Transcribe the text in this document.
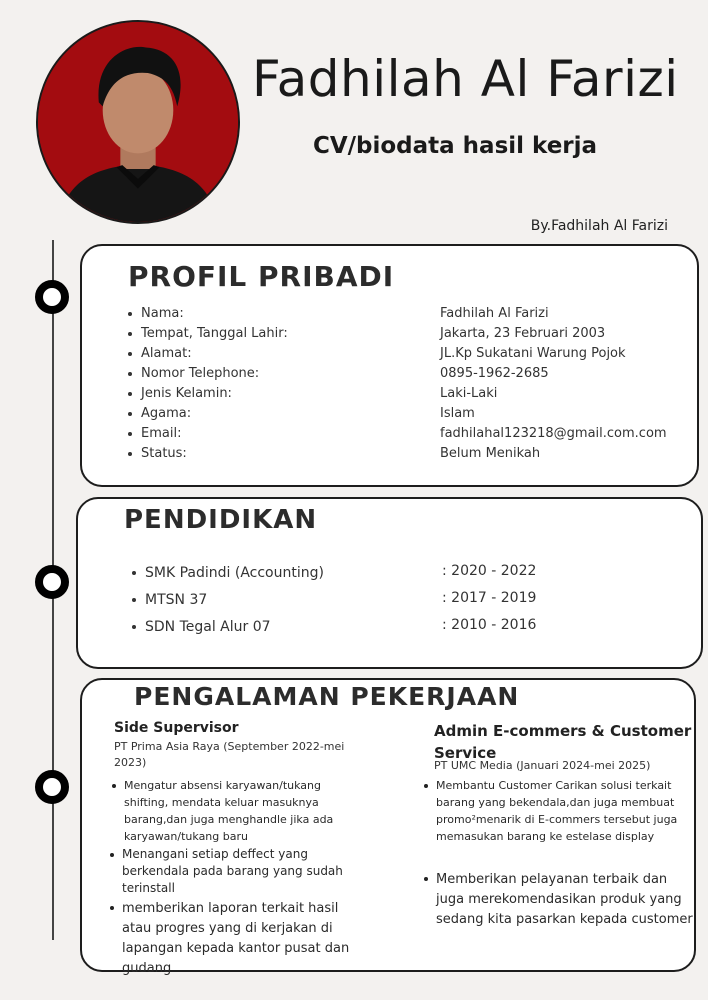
Fadhilah Al Farizi
CV/biodata hasil kerja
By.Fadhilah Al Farizi
PROFIL PRIBADI
Nama:	Fadhilah Al Farizi
Tempat, Tanggal Lahir:	Jakarta, 23 Februari 2003
Alamat:	JL.Kp Sukatani Warung Pojok
Nomor Telephone:	0895-1962-2685
Jenis Kelamin:	Laki-Laki
Agama:	Islam
Email:	fadhilahal123218@gmail.com.com
Status:	Belum Menikah
PENDIDIKAN
SMK Padindi (Accounting)	: 2020 - 2022
MTSN 37	: 2017 - 2019
SDN Tegal Alur 07	: 2010 - 2016
PENGALAMAN PEKERJAAN
Side Supervisor
PT Prima Asia Raya (September 2022-mei 2023)
Mengatur absensi karyawan/tukang shifting, mendata keluar masuknya barang,dan juga menghandle jika ada karyawan/tukang baru
Menangani setiap deffect yang berkendala pada barang yang sudah terinstall
memberikan laporan terkait hasil atau progres yang di kerjakan di lapangan kepada kantor pusat dan gudang
Admin E-commers & Customer Service
PT UMC Media (Januari 2024-mei 2025)
Membantu Customer Carikan solusi terkait barang yang bekendala,dan juga membuat promo²menarik di E-commers tersebut juga memasukan barang ke estelase display
Memberikan pelayanan terbaik dan juga merekomendasikan produk yang sedang kita pasarkan kepada customer
